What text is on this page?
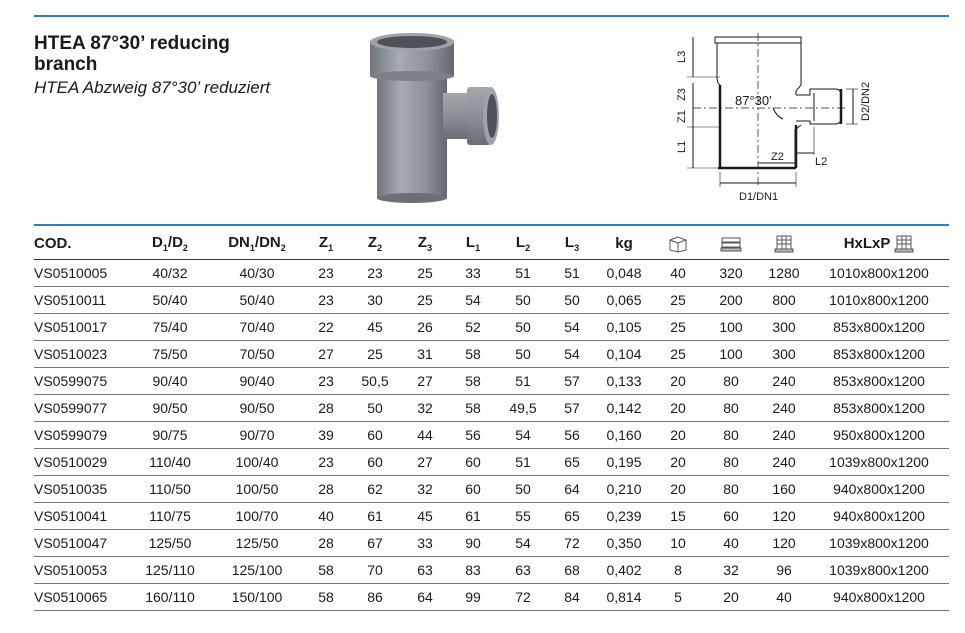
HTEA 87°30’ reducing branch
HTEA Abzweig 87°30’ reduziert
87°30'
L3
Z3
Z1
L1
Z2	L2
D2/DN2
D1/DN1
COD.	$D_1/D_2$	$DN_1/DN_2$	$Z_1$	$Z_2$	$Z_3$	$L_1$	$L_2$	$L_3$	kg				HxLxP
VS0510005	40/32	40/30	23	23	25	33	51	51	0,048	40	320	1280	1010x800x1200
VS0510011	50/40	50/40	23	30	25	54	50	50	0,065	25	200	800	1010x800x1200
VS0510017	75/40	70/40	22	45	26	52	50	54	0,105	25	100	300	853x800x1200
VS0510023	75/50	70/50	27	25	31	58	50	54	0,104	25	100	300	853x800x1200
VS0599075	90/40	90/40	23	50,5	27	58	51	57	0,133	20	80	240	853x800x1200
VS0599077	90/50	90/50	28	50	32	58	49,5	57	0,142	20	80	240	853x800x1200
VS0599079	90/75	90/70	39	60	44	56	54	56	0,160	20	80	240	950x800x1200
VS0510029	110/40	100/40	23	60	27	60	51	65	0,195	20	80	240	1039x800x1200
VS0510035	110/50	100/50	28	62	32	60	50	64	0,210	20	80	160	940x800x1200
VS0510041	110/75	100/70	40	61	45	61	55	65	0,239	15	60	120	940x800x1200
VS0510047	125/50	125/50	28	67	33	90	54	72	0,350	10	40	120	1039x800x1200
VS0510053	125/110	125/100	58	70	63	83	63	68	0,402	8	32	96	1039x800x1200
VS0510065	160/110	150/100	58	86	64	99	72	84	0,814	5	20	40	940x800x1200
